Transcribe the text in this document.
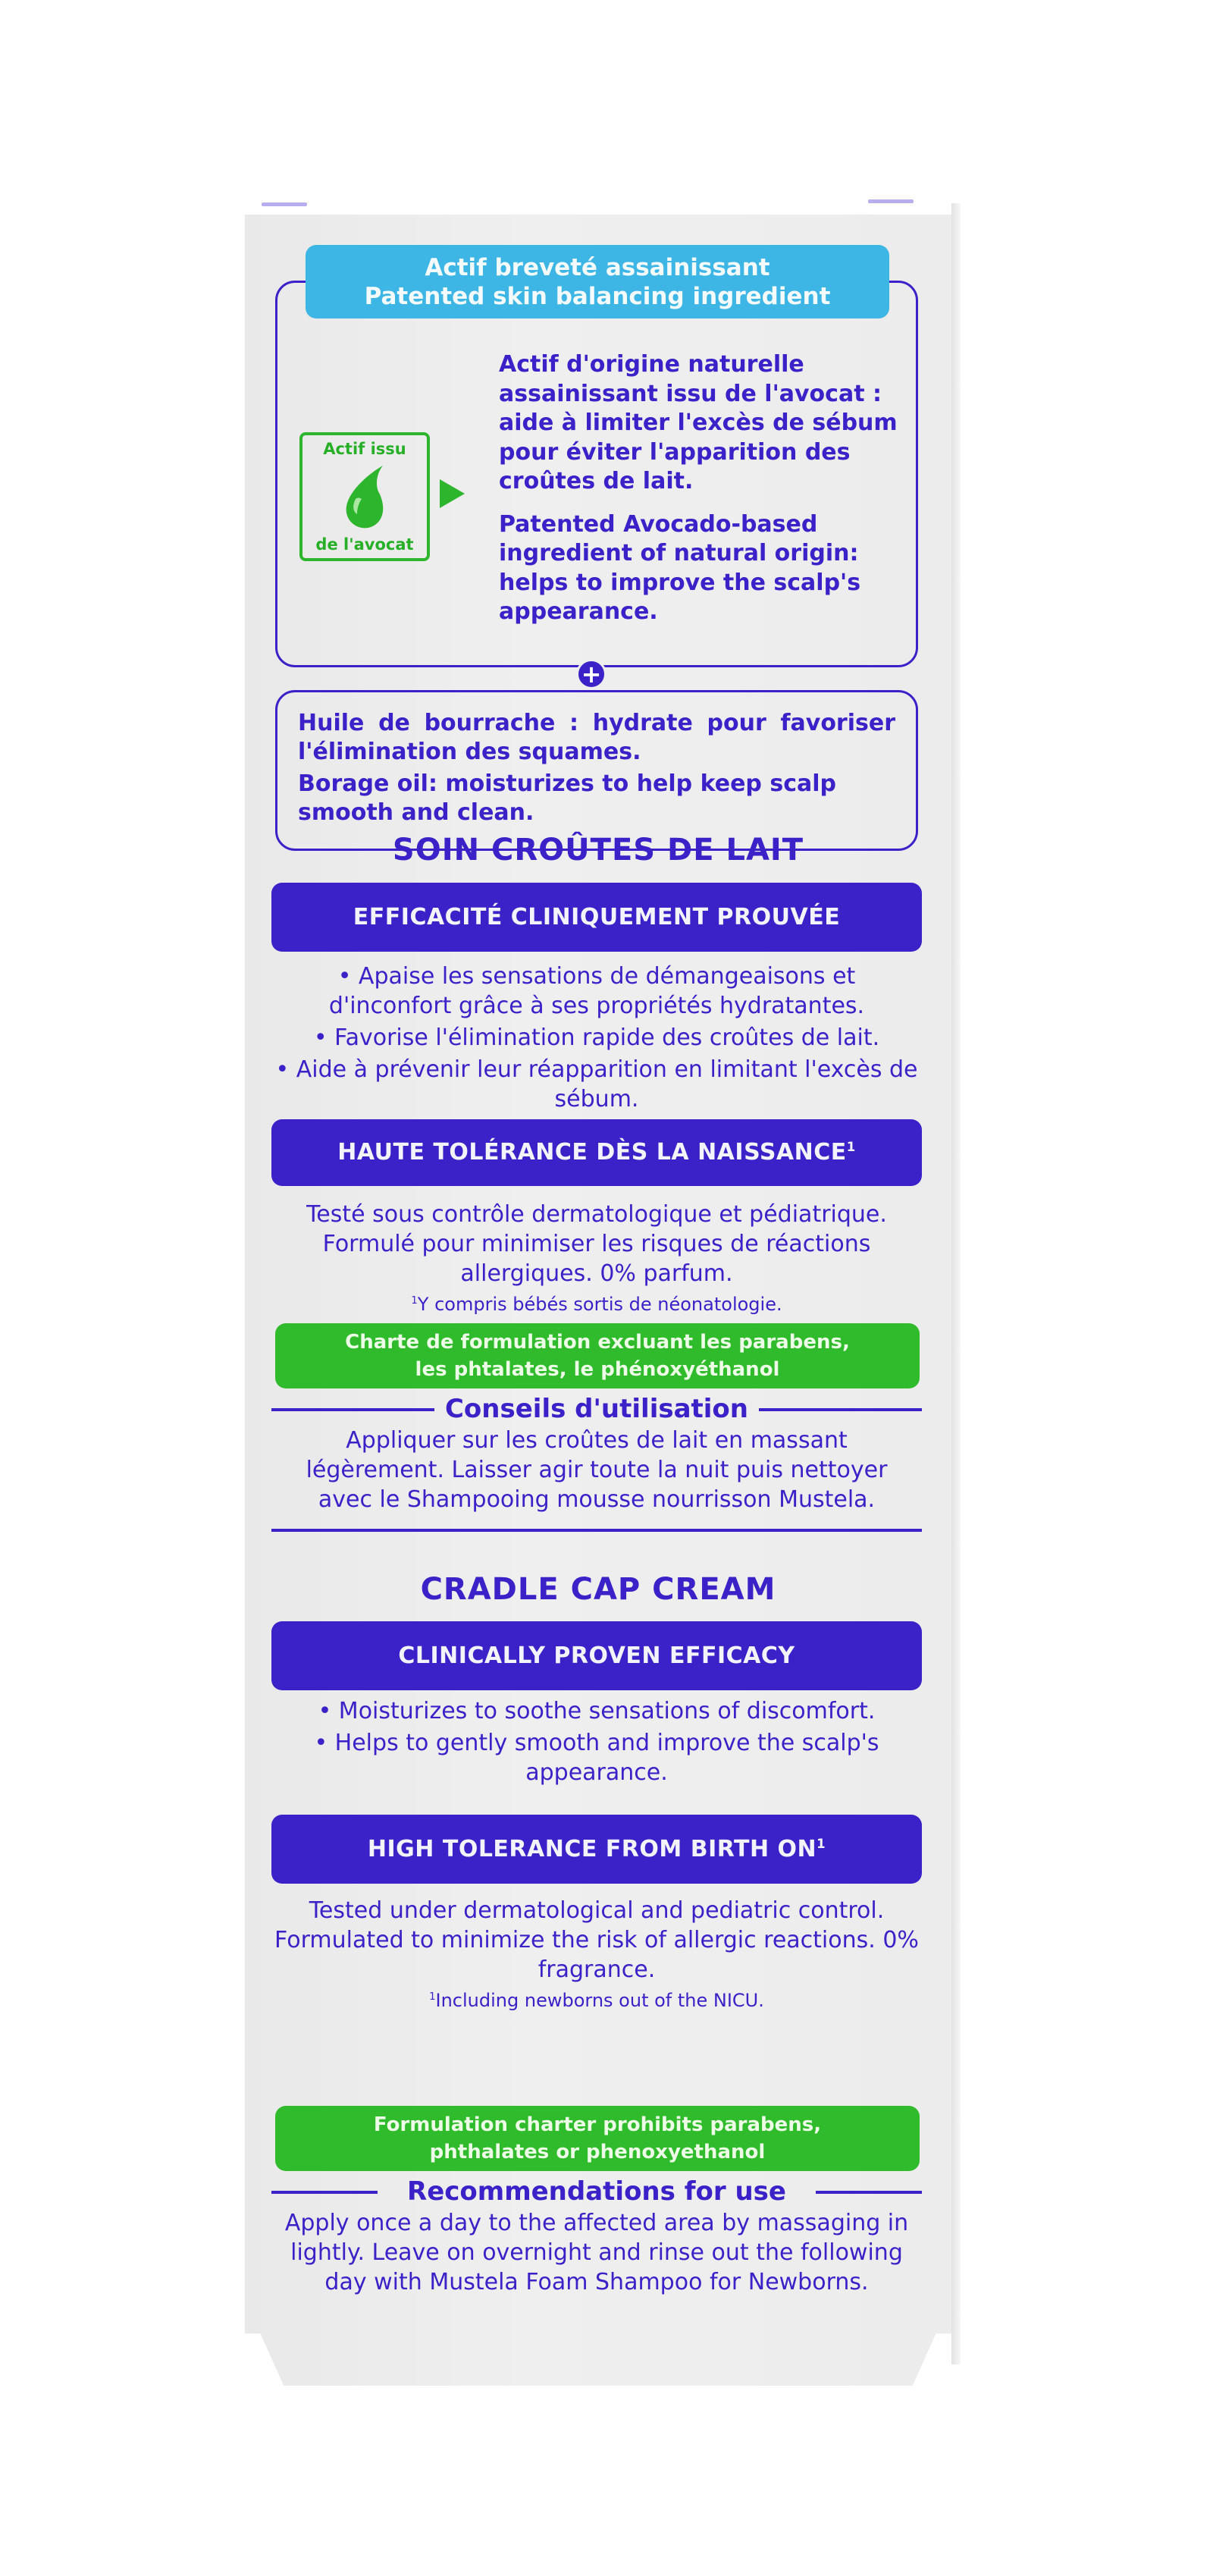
Actif breveté assainissant
Patented skin balancing ingredient
Actif issu
de l'avocat

Actif d'origine naturelle assainissant issu de l'avocat : aide à limiter l'excès de sébum pour éviter l'apparition des croûtes de lait.

Patented Avocado-based ingredient of natural origin: helps to improve the scalp's appearance.

+

Huile de bourrache : hydrate pour favoriser l'élimination des squames.

Borage oil: moisturizes to help keep scalp smooth and clean.

SOIN CROÛTES DE LAIT
EFFICACITÉ CLINIQUEMENT PROUVÉE

• Apaise les sensations de démangeaisons et d'inconfort grâce à ses propriétés hydratantes.

• Favorise l'élimination rapide des croûtes de lait.

• Aide à prévenir leur réapparition en limitant l'excès de sébum.

HAUTE TOLÉRANCE DÈS LA NAISSANCE$^1$

Testé sous contrôle dermatologique et pédiatrique. Formulé pour minimiser les risques de réactions allergiques. 0% parfum.

$^1$Y compris bébés sortis de néonatologie.

Charte de formulation excluant les parabens,
les phtalates, le phénoxyéthanol
Conseils d'utilisation

Appliquer sur les croûtes de lait en massant légèrement. Laisser agir toute la nuit puis nettoyer avec le Shampooing mousse nourrisson Mustela.

CRADLE CAP CREAM
CLINICALLY PROVEN EFFICACY

• Moisturizes to soothe sensations of discomfort.

• Helps to gently smooth and improve the scalp's appearance.

HIGH TOLERANCE FROM BIRTH $ON^1$

Tested under dermatological and pediatric control. Formulated to minimize the risk of allergic reactions. 0% fragrance.

$^1$Including newborns out of the NICU.

Formulation charter prohibits parabens,
phthalates or phenoxyethanol
Recommendations for use

Apply once a day to the affected area by massaging in lightly. Leave on overnight and rinse out the following day with Mustela Foam Shampoo for Newborns.
